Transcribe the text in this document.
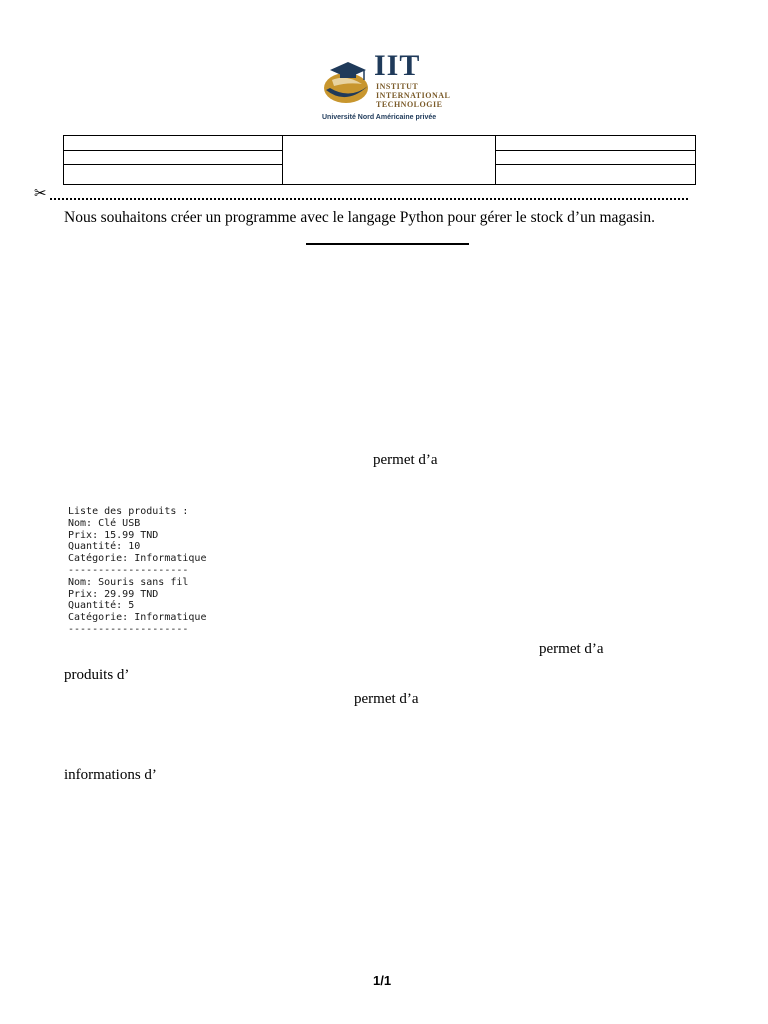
IIT
INSTITUT
INTERNATIONAL
TECHNOLOGIE
Université Nord Américaine privée
✂
Nous souhaitons créer un programme avec le langage Python pour gérer le stock d’un magasin.
permet d’a
Liste des produits :
Nom: Clé USB
Prix: 15.99 TND
Quantité: 10
Catégorie: Informatique
--------------------
Nom: Souris sans fil
Prix: 29.99 TND
Quantité: 5
Catégorie: Informatique
--------------------
permet d’a
produits d’
permet d’a
informations d’
1/1
